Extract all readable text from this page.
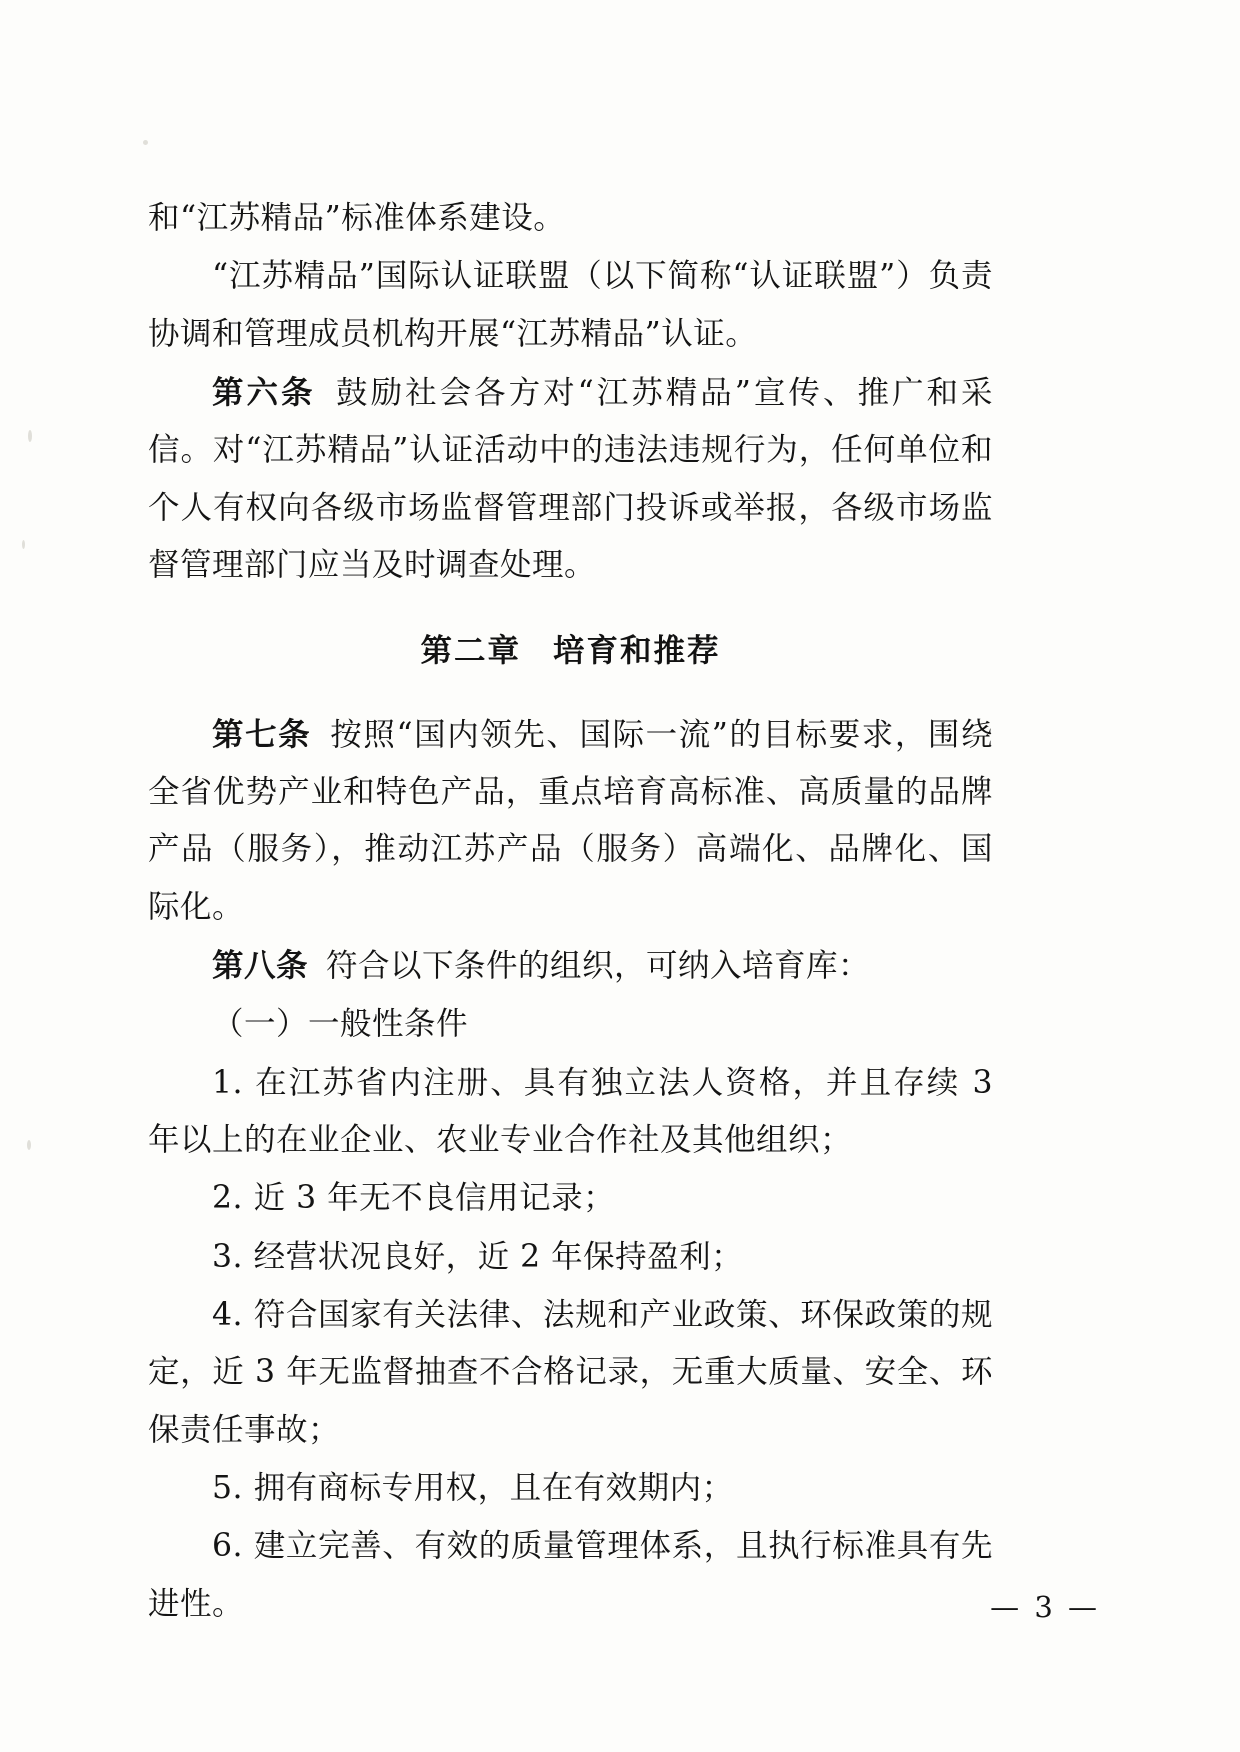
和“江苏精品”标准体系建设。

“江苏精品”国际认证联盟（以下简称“认证联盟”）负责协调和管理成员机构开展“江苏精品”认证。

第六条 鼓励社会各方对“江苏精品”宣传、推广和采信。对“江苏精品”认证活动中的违法违规行为，任何单位和个人有权向各级市场监督管理部门投诉或举报，各级市场监督管理部门应当及时调查处理。

第二章 培育和推荐

第七条 按照“国内领先、国际一流”的目标要求，围绕全省优势产业和特色产品，重点培育高标准、高质量的品牌产品（服务），推动江苏产品（服务）高端化、品牌化、国际化。

第八条 符合以下条件的组织，可纳入培育库：

（一）一般性条件

1. 在江苏省内注册、具有独立法人资格，并且存续 3 年以上的在业企业、农业专业合作社及其他组织；

2. 近 3 年无不良信用记录；

3. 经营状况良好，近 2 年保持盈利；

4. 符合国家有关法律、法规和产业政策、环保政策的规定，近 3 年无监督抽查不合格记录，无重大质量、安全、环保责任事故；

5. 拥有商标专用权，且在有效期内；

6. 建立完善、有效的质量管理体系，且执行标准具有先进性。	— 3 —
